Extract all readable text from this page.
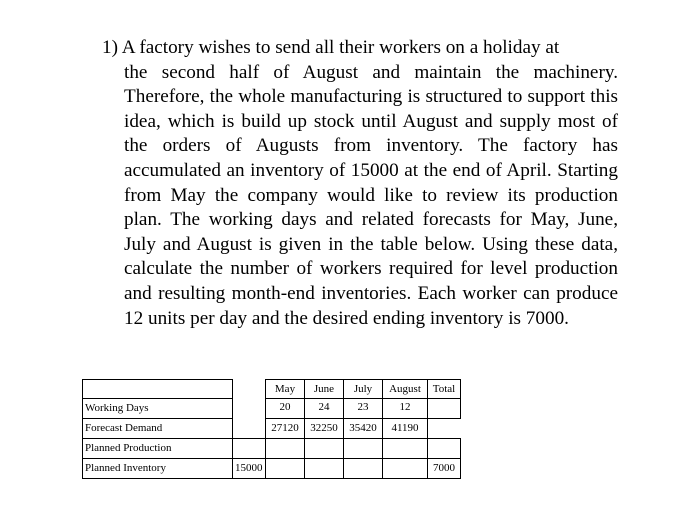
1) A factory wishes to send all their workers on a holiday at
the second half of August and maintain the machinery. Therefore, the whole manufacturing is structured to support this idea, which is build up stock until August and supply most of the orders of Augusts from inventory. The factory has accumulated an inventory of 15000 at the end of April. Starting from May the company would like to review its production plan. The working days and related forecasts for May, June, July and August is given in the table below. Using these data, calculate the number of workers required for level production and resulting month-end inventories. Each worker can produce 12 units per day and the desired ending inventory is 7000.
		May	June	July	August	Total
Working Days		20	24	23	12	
Forecast Demand		27120	32250	35420	41190	
Planned Production						
Planned Inventory	15000					7000
